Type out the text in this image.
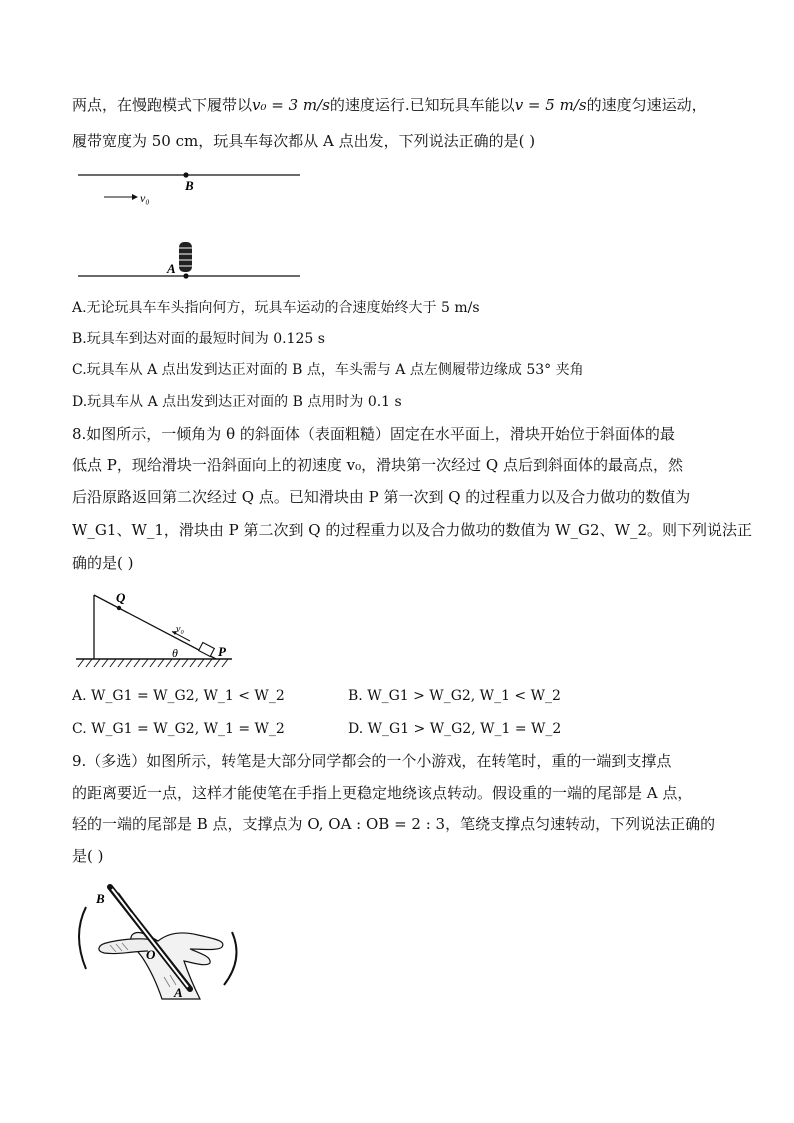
两点，在慢跑模式下履带以v₀ = 3 m/s的速度运行.已知玩具车能以v = 5 m/s的速度匀速运动，
履带宽度为 50 cm，玩具车每次都从 A 点出发，下列说法正确的是( )
B
v₀
A
A.无论玩具车车头指向何方，玩具车运动的合速度始终大于 5 m/s
B.玩具车到达对面的最短时间为 0.125 s
C.玩具车从 A 点出发到达正对面的 B 点，车头需与 A 点左侧履带边缘成 53° 夹角
D.玩具车从 A 点出发到达正对面的 B 点用时为 0.1 s
8.如图所示，一倾角为 θ 的斜面体（表面粗糙）固定在水平面上，滑块开始位于斜面体的最
低点 P，现给滑块一沿斜面向上的初速度 v₀，滑块第一次经过 Q 点后到斜面体的最高点，然
后沿原路返回第二次经过 Q 点。已知滑块由 P 第一次到 Q 的过程重力以及合力做功的数值为
W_G1、W_1，滑块由 P 第二次到 Q 的过程重力以及合力做功的数值为 W_G2、W_2。则下列说法正
确的是( )
Q
v₀
θ	P
A. W_G1 = W_G2, W_1 < W_2	B. W_G1 > W_G2, W_1 < W_2
C. W_G1 = W_G2, W_1 = W_2	D. W_G1 > W_G2, W_1 = W_2
9.（多选）如图所示，转笔是大部分同学都会的一个小游戏，在转笔时，重的一端到支撑点
的距离要近一点，这样才能使笔在手指上更稳定地绕该点转动。假设重的一端的尾部是 A 点，
轻的一端的尾部是 B 点，支撑点为 O, OA : OB = 2 : 3，笔绕支撑点匀速转动，下列说法正确的
是( )
B
O
A
